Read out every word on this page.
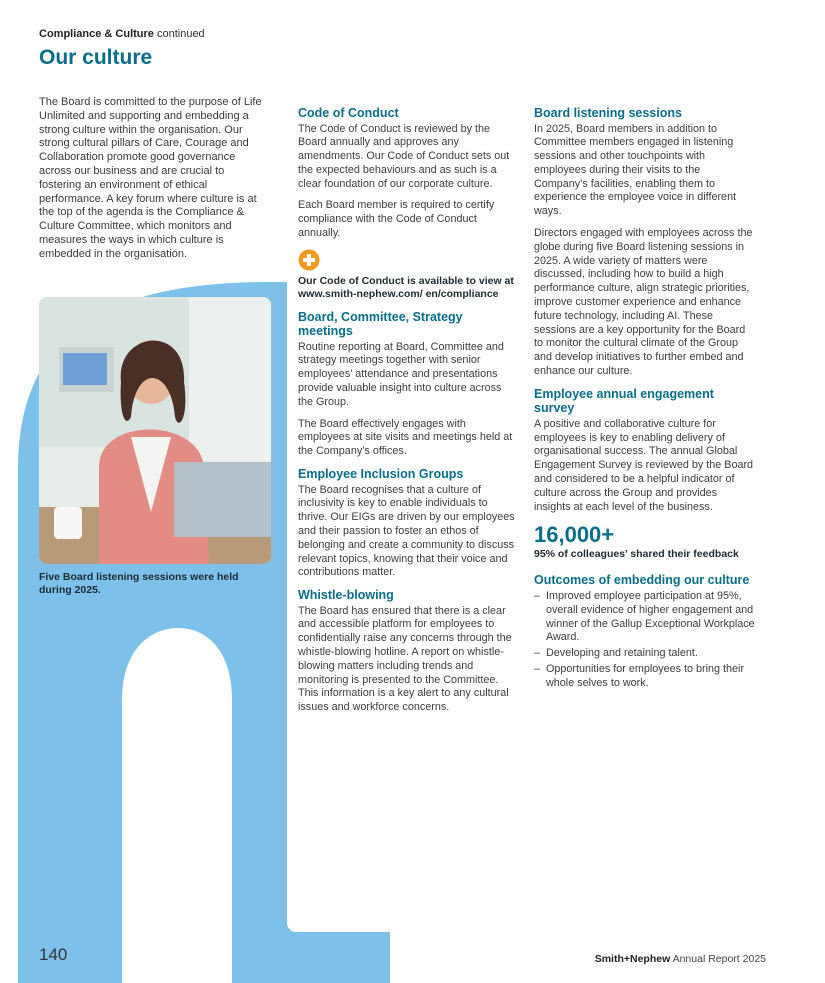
Compliance & Culture continued
Our culture

The Board is committed to the purpose of Life Unlimited and supporting and embedding a strong culture within the organisation. Our strong cultural pillars of Care, Courage and Collaboration promote good governance across our business and are crucial to fostering an environment of ethical performance. A key forum where culture is at the top of the agenda is the Compliance & Culture Committee, which monitors and measures the ways in which culture is embedded in the organisation.

Five Board listening sessions were held during 2025.

Code of Conduct

The Code of Conduct is reviewed by the Board annually and approves any amendments. Our Code of Conduct sets out the expected behaviours and as such is a clear foundation of our corporate culture.

Each Board member is required to certify compliance with the Code of Conduct annually.

Our Code of Conduct is available to view at www.smith-nephew.com/ en/compliance
Board, Committee, Strategy meetings

Routine reporting at Board, Committee and strategy meetings together with senior employees’ attendance and presentations provide valuable insight into culture across the Group.

The Board effectively engages with employees at site visits and meetings held at the Company’s offices.

Employee Inclusion Groups

The Board recognises that a culture of inclusivity is key to enable individuals to thrive. Our EIGs are driven by our employees and their passion to foster an ethos of belonging and create a community to discuss relevant topics, knowing that their voice and contributions matter.

Whistle-blowing

The Board has ensured that there is a clear and accessible platform for employees to confidentially raise any concerns through the whistle-blowing hotline. A report on whistle-blowing matters including trends and monitoring is presented to the Committee. This information is a key alert to any cultural issues and workforce concerns.

Board listening sessions

In 2025, Board members in addition to Committee members engaged in listening sessions and other touchpoints with employees during their visits to the Company’s facilities, enabling them to experience the employee voice in different ways.

Directors engaged with employees across the globe during five Board listening sessions in 2025. A wide variety of matters were discussed, including how to build a high performance culture, align strategic priorities, improve customer experience and enhance future technology, including AI. These sessions are a key opportunity for the Board to monitor the cultural climate of the Group and develop initiatives to further embed and enhance our culture.

Employee annual engagement survey

A positive and collaborative culture for employees is key to enabling delivery of organisational success. The annual Global Engagement Survey is reviewed by the Board and considered to be a helpful indicator of culture across the Group and provides insights at each level of the business.

16,000+
95% of colleagues’ shared their feedback
Outcomes of embedding our culture
– Improved employee participation at 95%, overall evidence of higher engagement and winner of the Gallup Exceptional Workplace Award.
– Developing and retaining talent.
– Opportunities for employees to bring their whole selves to work.
140	Smith+Nephew Annual Report 2025
